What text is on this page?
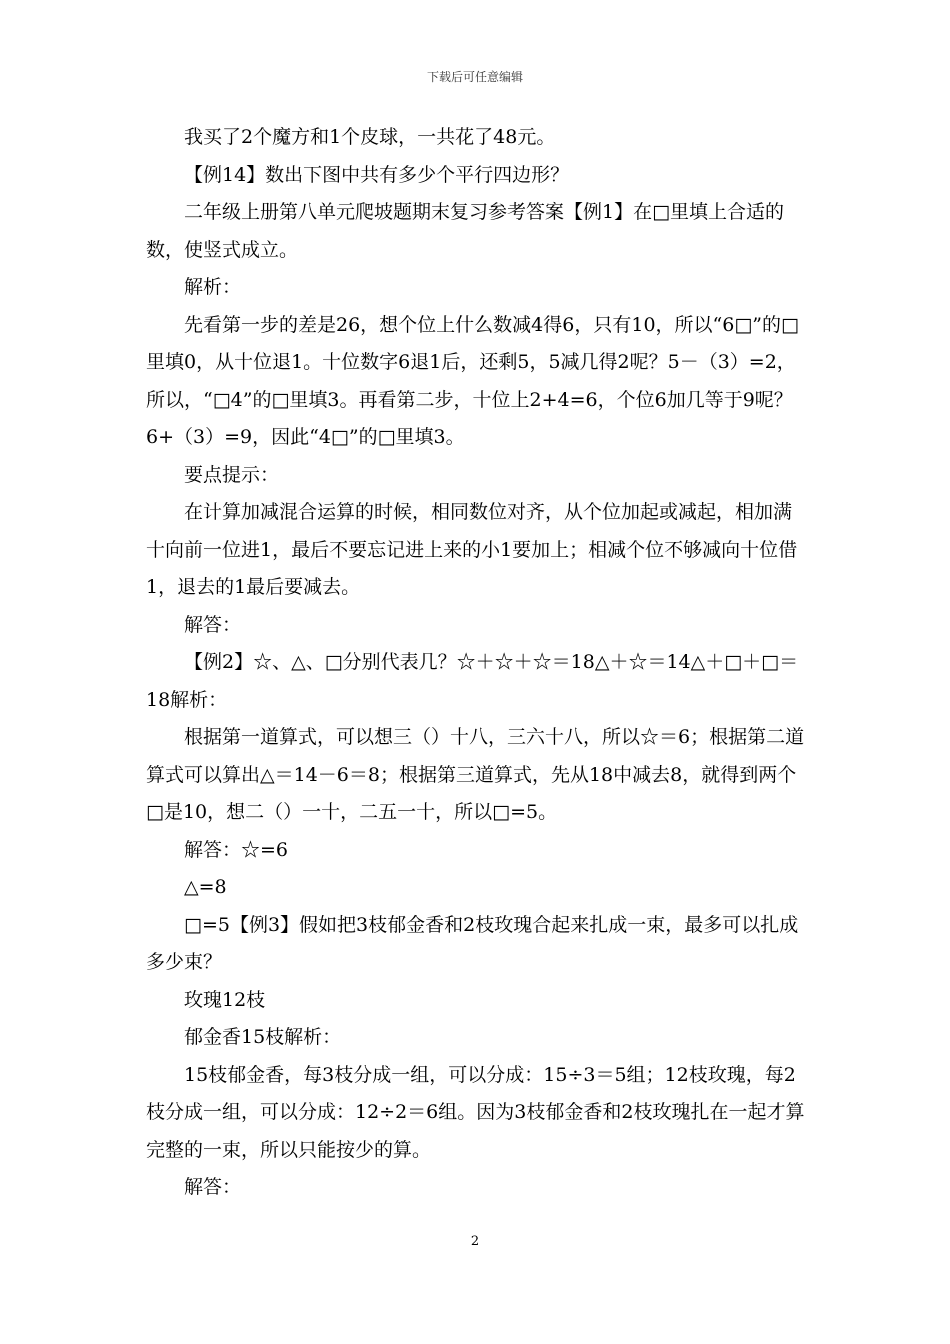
下载后可任意编辑

我买了2个魔方和1个皮球，一共花了48元。

【例14】数出下图中共有多少个平行四边形？

二年级上册第八单元爬坡题期末复习参考答案【例1】在□里填上合适的数，使竖式成立。

解析：

先看第一步的差是26，想个位上什么数减4得6，只有10，所以“6□”的□里填0，从十位退1。十位数字6退1后，还剩5，5减几得2呢？5－（3）=2，所以，“□4”的□里填3。再看第二步，十位上2+4=6，个位6加几等于9呢？6+（3）=9，因此“4□”的□里填3。

要点提示：

在计算加减混合运算的时候，相同数位对齐，从个位加起或减起，相加满十向前一位进1，最后不要忘记进上来的小1要加上；相减个位不够减向十位借1，退去的1最后要减去。

解答：

【例2】☆、△、□分别代表几？☆＋☆＋☆＝18△＋☆＝14△＋□＋□＝18解析：

根据第一道算式，可以想三（）十八，三六十八，所以☆＝6；根据第二道算式可以算出△＝14－6＝8；根据第三道算式，先从18中减去8，就得到两个□是10，想二（）一十，二五一十，所以□=5。

解答：☆=6

△=8

□=5【例3】假如把3枝郁金香和2枝玫瑰合起来扎成一束，最多可以扎成多少束？

玫瑰12枝

郁金香15枝解析：

15枝郁金香，每3枝分成一组，可以分成：15÷3＝5组；12枝玫瑰，每2枝分成一组，可以分成：12÷2＝6组。因为3枝郁金香和2枝玫瑰扎在一起才算完整的一束，所以只能按少的算。

解答：

2
